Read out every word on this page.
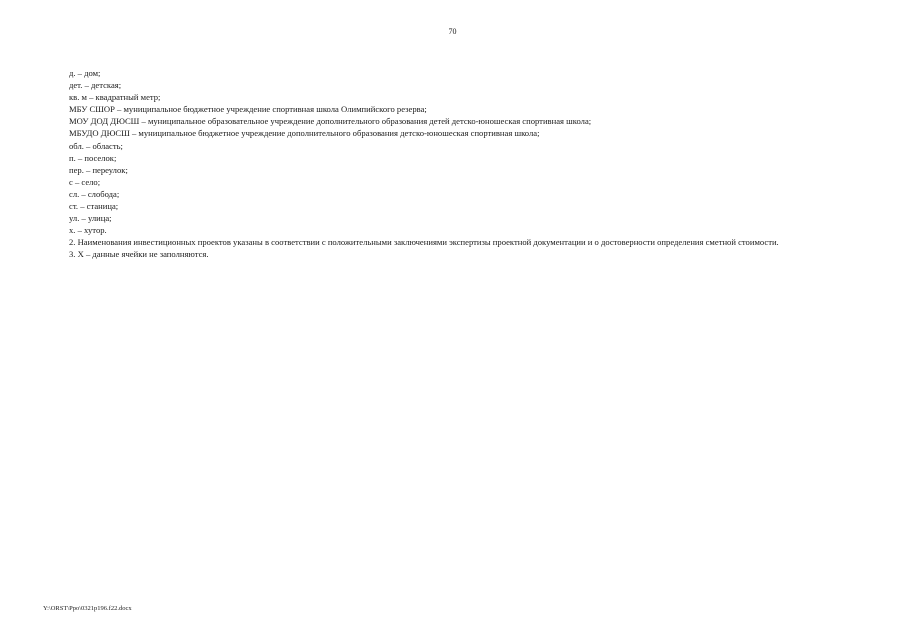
70
д. – дом;
дет. – детская;
кв. м – квадратный метр;
МБУ СШОР – муниципальное бюджетное учреждение спортивная школа Олимпийского резерва;
МОУ ДОД ДЮСШ – муниципальное образовательное учреждение дополнительного образования детей детско-юношеская спортивная школа;
МБУДО ДЮСШ – муниципальное бюджетное учреждение дополнительного образования детско-юношеская спортивная школа;
обл. – область;
п. – поселок;
пер. – переулок;
с – село;
сл. – слобода;
ст. – станица;
ул. – улица;
х. – хутор.

2. Наименования инвестиционных проектов указаны в соответствии с положительными заключениями экспертизы проектной документации и о достоверности определения сметной стоимости.

3. Х – данные ячейки не заполняются.

Y:\ORST\Ppo\0321p196.f22.docx
